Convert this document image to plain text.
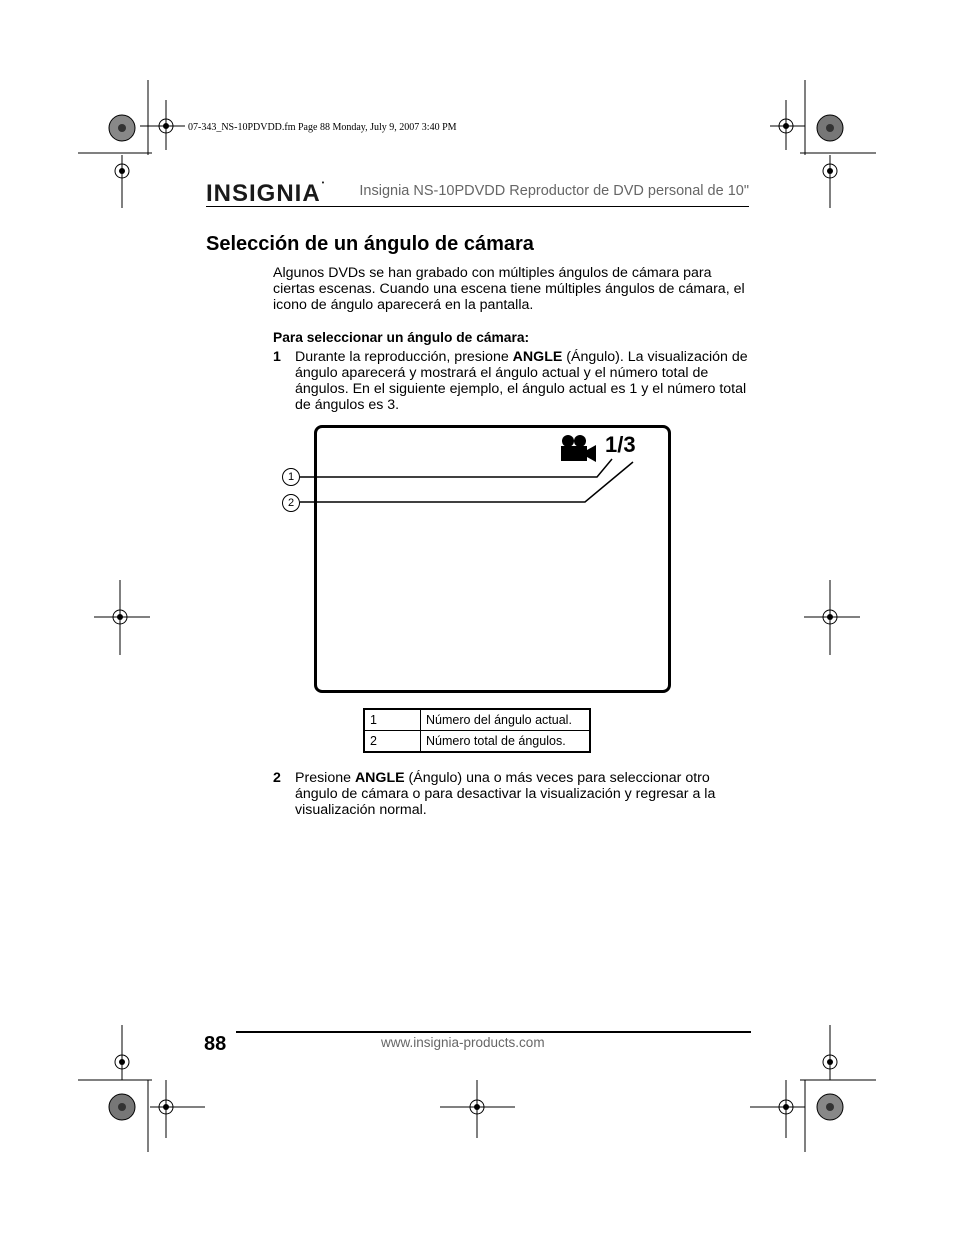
07-343_NS-10PDVDD.fm Page 88 Monday, July 9, 2007 3:40 PM
INSIGNIA• Insignia NS-10PDVDD Reproductor de DVD personal de 10"
Selección de un ángulo de cámara
Algunos DVDs se han grabado con múltiples ángulos de cámara para ciertas escenas. Cuando una escena tiene múltiples ángulos de cámara, el icono de ángulo aparecerá en la pantalla.
Para seleccionar un ángulo de cámara:
1 Durante la reproducción, presione ANGLE (Ángulo). La visualización de ángulo aparecerá y mostrará el ángulo actual y el número total de ángulos. En el siguiente ejemplo, el ángulo actual es 1 y el número total de ángulos es 3.
1/3
1
2
1	Número del ángulo actual.
2	Número total de ángulos.
2 Presione ANGLE (Ángulo) una o más veces para seleccionar otro ángulo de cámara o para desactivar la visualización y regresar a la visualización normal.
88	www.insignia-products.com
